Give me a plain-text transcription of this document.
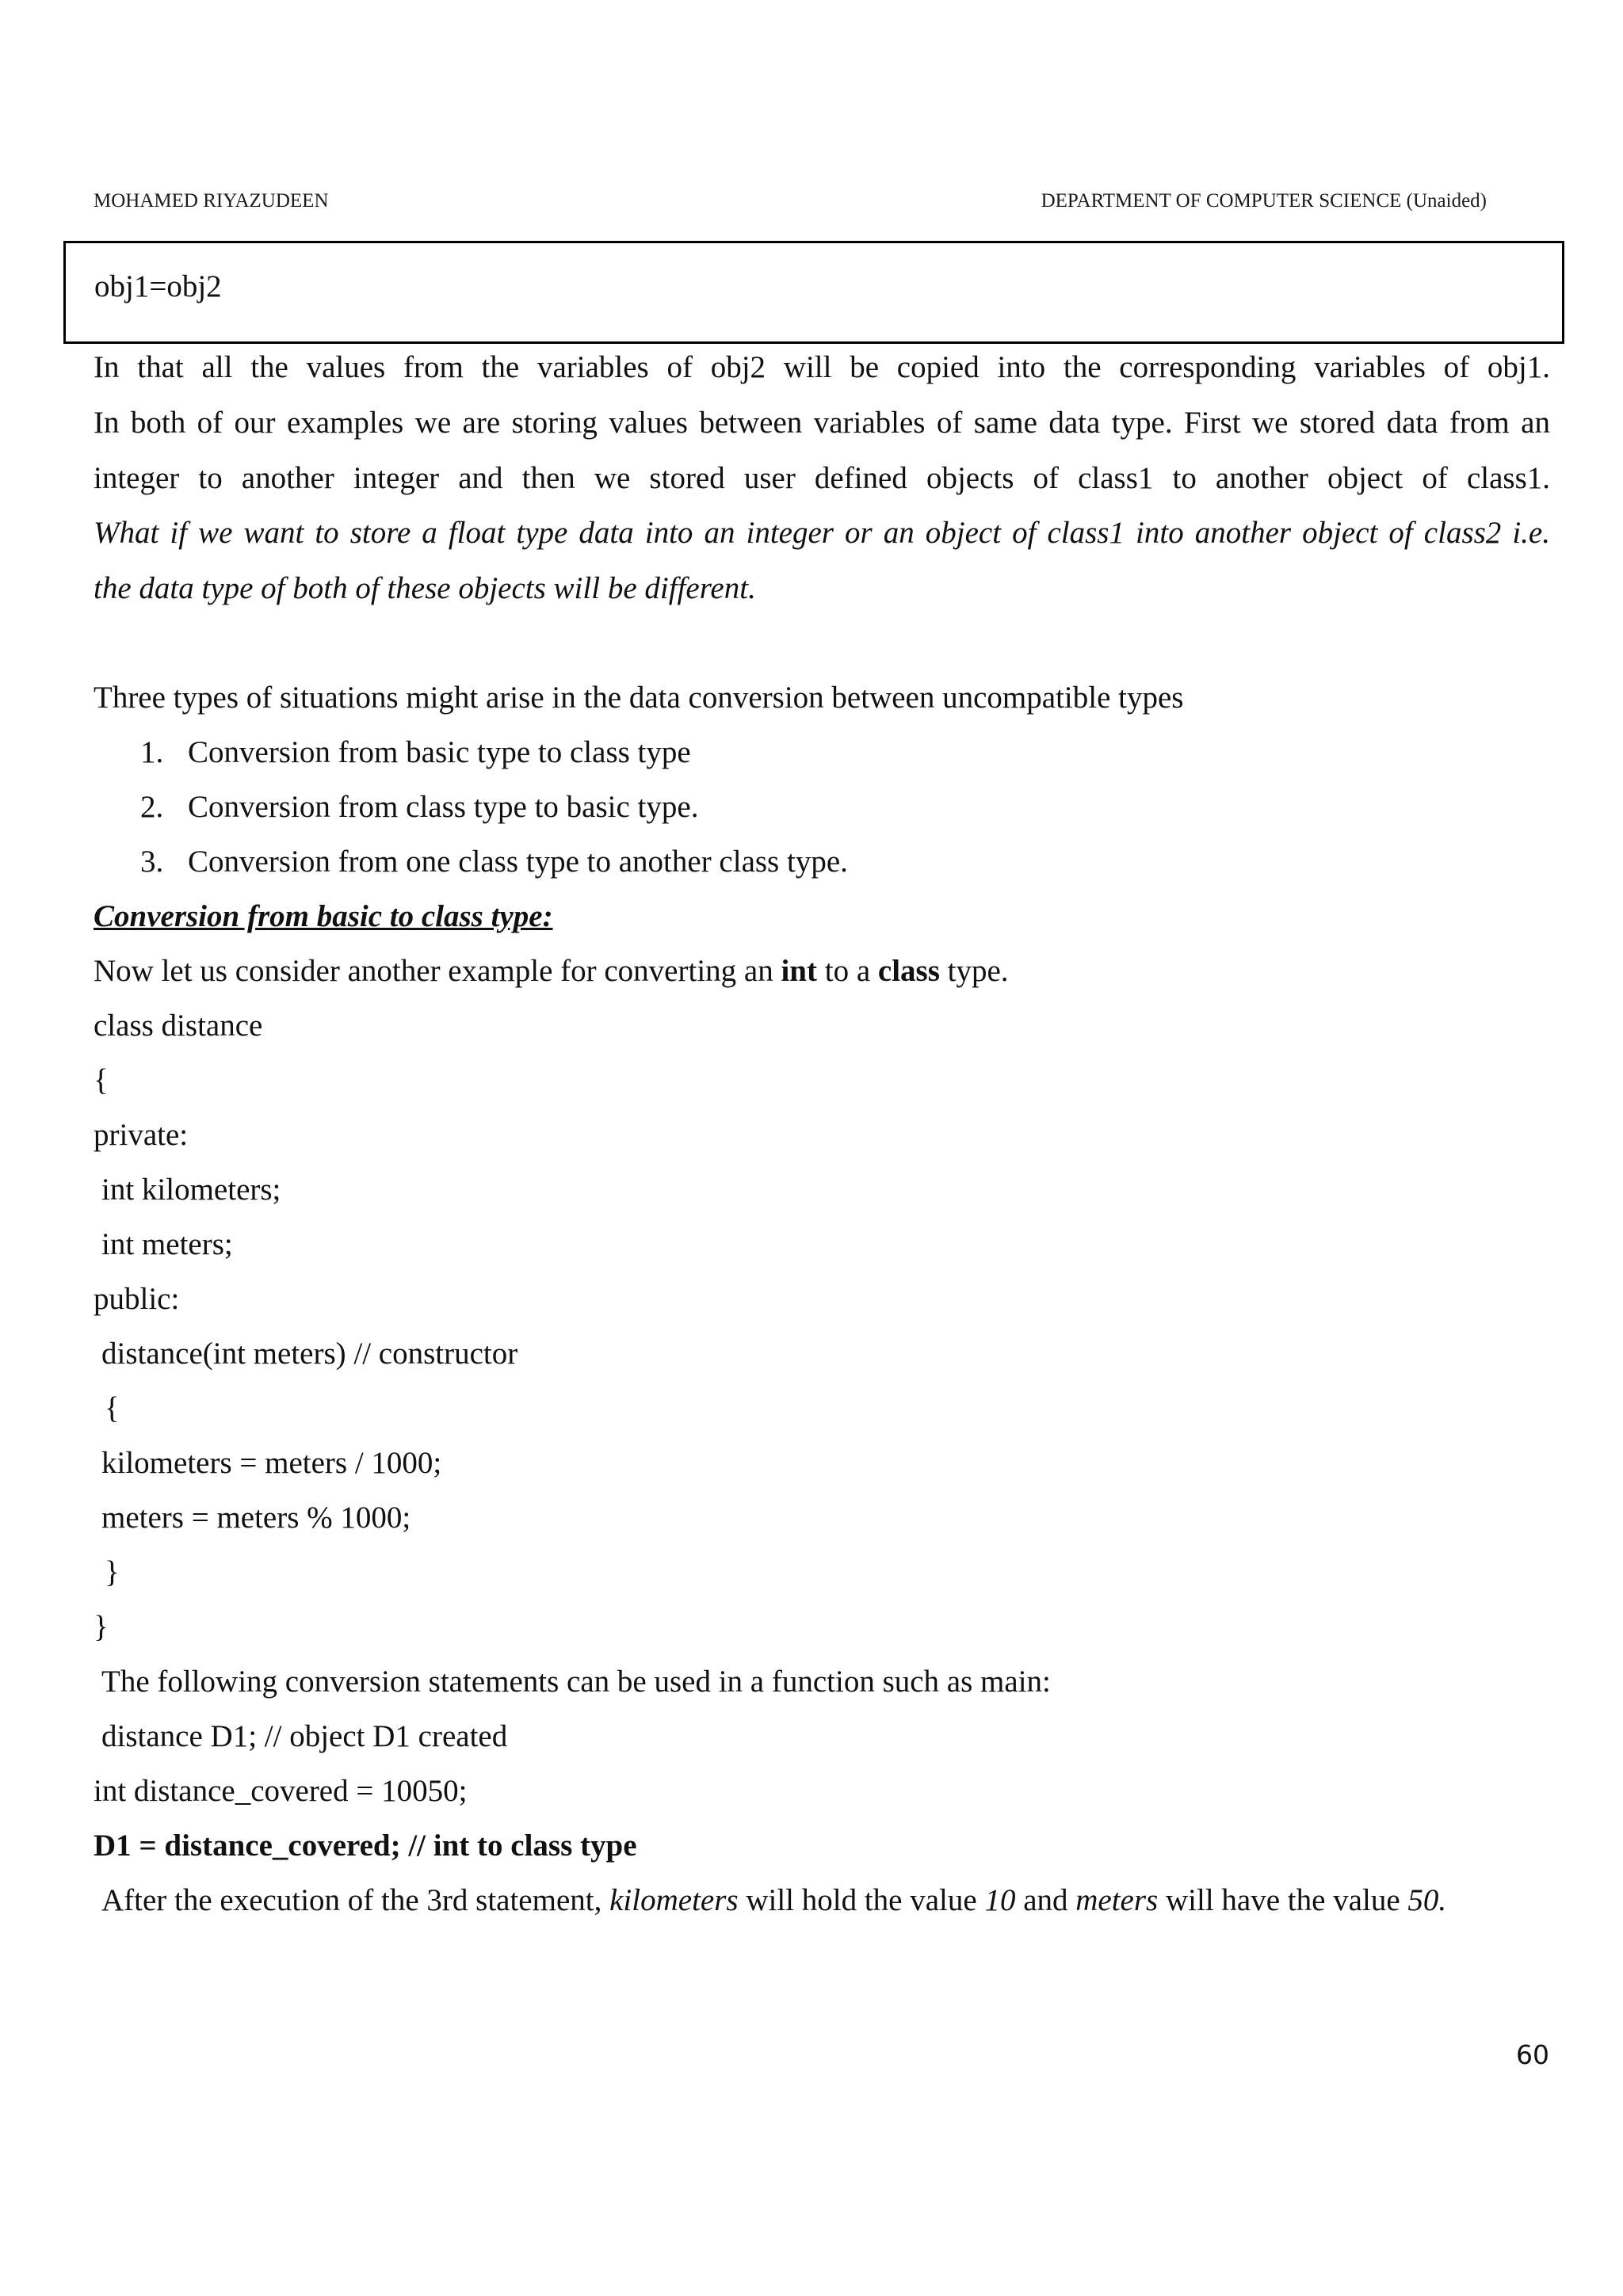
MOHAMED RIYAZUDEEN	DEPARTMENT OF COMPUTER SCIENCE (Unaided)
obj1=obj2
In that all the values from the variables of obj2 will be copied into the corresponding variables of obj1.
In both of our examples we are storing values between variables of same data type. First we stored data from an
integer to another integer and then we stored user defined objects of class1 to another object of class1.
What if we want to store a float type data into an integer or an object of class1 into another object of class2 i.e.
the data type of both of these objects will be different.
Three types of situations might arise in the data conversion between uncompatible types
1. Conversion from basic type to class type
2. Conversion from class type to basic type.
3. Conversion from one class type to another class type.
Conversion from basic to class type:
Now let us consider another example for converting an int to a class type.
class distance
{
private:
int kilometers;
int meters;
public:
distance(int meters) // constructor
{
kilometers = meters / 1000;
meters = meters % 1000;
}
}
The following conversion statements can be used in a function such as main:
distance D1; // object D1 created
int distance_covered = 10050;
D1 = distance_covered; // int to class type
After the execution of the 3rd statement, kilometers will hold the value 10 and meters will have the value 50.
60
